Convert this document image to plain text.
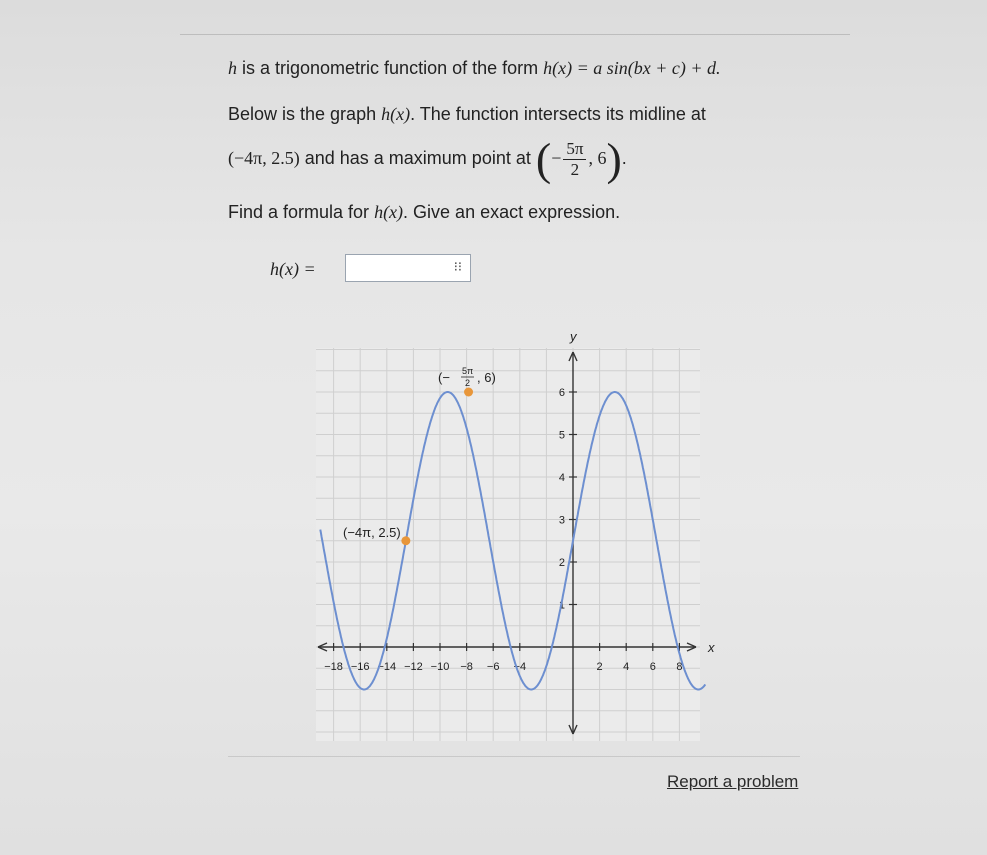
h is a trigonometric function of the form h(x) = a sin(bx + c) + d.
Below is the graph h(x). The function intersects its midline at
(−4π, 2.5) and has a maximum point at (− $\frac{5\pi}{2}$ , 6).
Find a formula for h(x). Give an exact expression.
h(x) =	⁝⁝
−18 −16 −14 −12 −10 −8 −6 −4	2 4 6 8
1
2
3
4
5
6
y
x
(−4π, 2.5)
(− 5π
2 , 6)
Report a problem
